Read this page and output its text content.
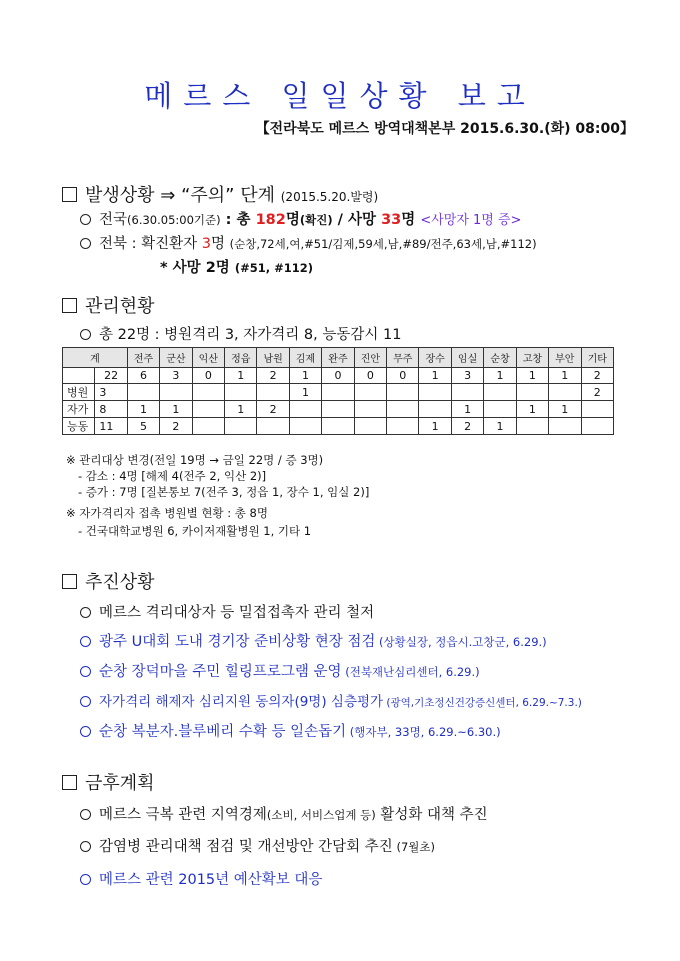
메르스 일일상황 보고
【전라북도 메르스 방역대책본부 2015.6.30.(화) 08:00】
발생상황 ⇒ “주의” 단계 (2015.5.20.발령)
전국(6.30.05:00기준) : 총 182명(확진) / 사망 33명 <사망자 1명 증>
전북 : 확진환자 3명 (순창,72세,여,#51/김제,59세,남,#89/전주,63세,남,#112)
* 사망 2명 (#51, #112)
관리현황
총 22명 : 병원격리 3, 자가격리 8, 능동감시 11
계		전주	군산	익산	정읍	남원	김제	완주	진안	무주	장수	임실	순창	고창	부안	기타
	22	6	3	0	1	2	1	0	0	0	1	3	1	1	1	2
병원	3						1									2
자가	8	1	1		1	2						1		1	1	
능동	11	5	2								1	2	1			
※ 관리대상 변경(전일 19명 → 금일 22명 / 증 3명)
- 감소 : 4명 [해제 4(전주 2, 익산 2)]
- 증가 : 7명 [질본통보 7(전주 3, 정읍 1, 장수 1, 임실 2)]
※ 자가격리자 접촉 병원별 현황 : 총 8명
- 건국대학교병원 6, 카이저재활병원 1, 기타 1
추진상황
메르스 격리대상자 등 밀접접촉자 관리 철저
광주 U대회 도내 경기장 준비상황 현장 점검 (상황실장, 정읍시.고창군, 6.29.)
순창 장덕마을 주민 힐링프로그램 운영 (전북재난심리센터, 6.29.)
자가격리 해제자 심리지원 동의자(9명) 심층평가 (광역,기초정신건강증신센터, 6.29.~7.3.)
순창 복분자.블루베리 수확 등 일손돕기 (행자부, 33명, 6.29.~6.30.)
금후계획
메르스 극복 관련 지역경제(소비, 서비스업계 등) 활성화 대책 추진
감염병 관리대책 점검 및 개선방안 간담회 추진 (7월초)
메르스 관련 2015년 예산확보 대응
